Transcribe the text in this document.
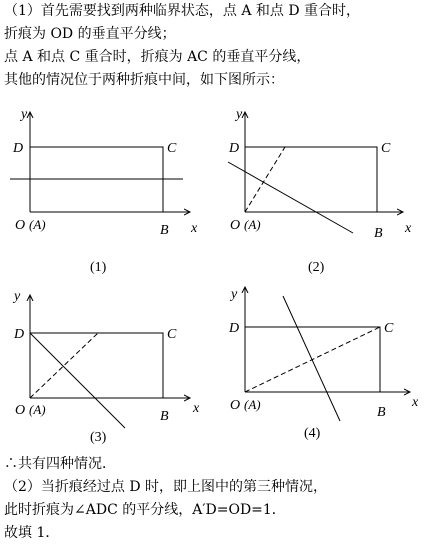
（1）首先需要找到两种临界状态，点 A 和点 D 重合时，
折痕为 OD 的垂直平分线；
点 A 和点 C 重合时，折痕为 AC 的垂直平分线，
其他的情况位于两种折痕中间，如下图所示：
y
x
D	C
O (A)	B
(1)
y
x
D	C
O (A)
B
(2)
y
x
D	C
O (A)	B
(3)
y
x
D	C
O (A)
B
(4)
∴共有四种情况．
（2）当折痕经过点 D 时，即上图中的第三种情况，
此时折痕为∠ADC 的平分线，A′D=OD=1．
故填 1．
